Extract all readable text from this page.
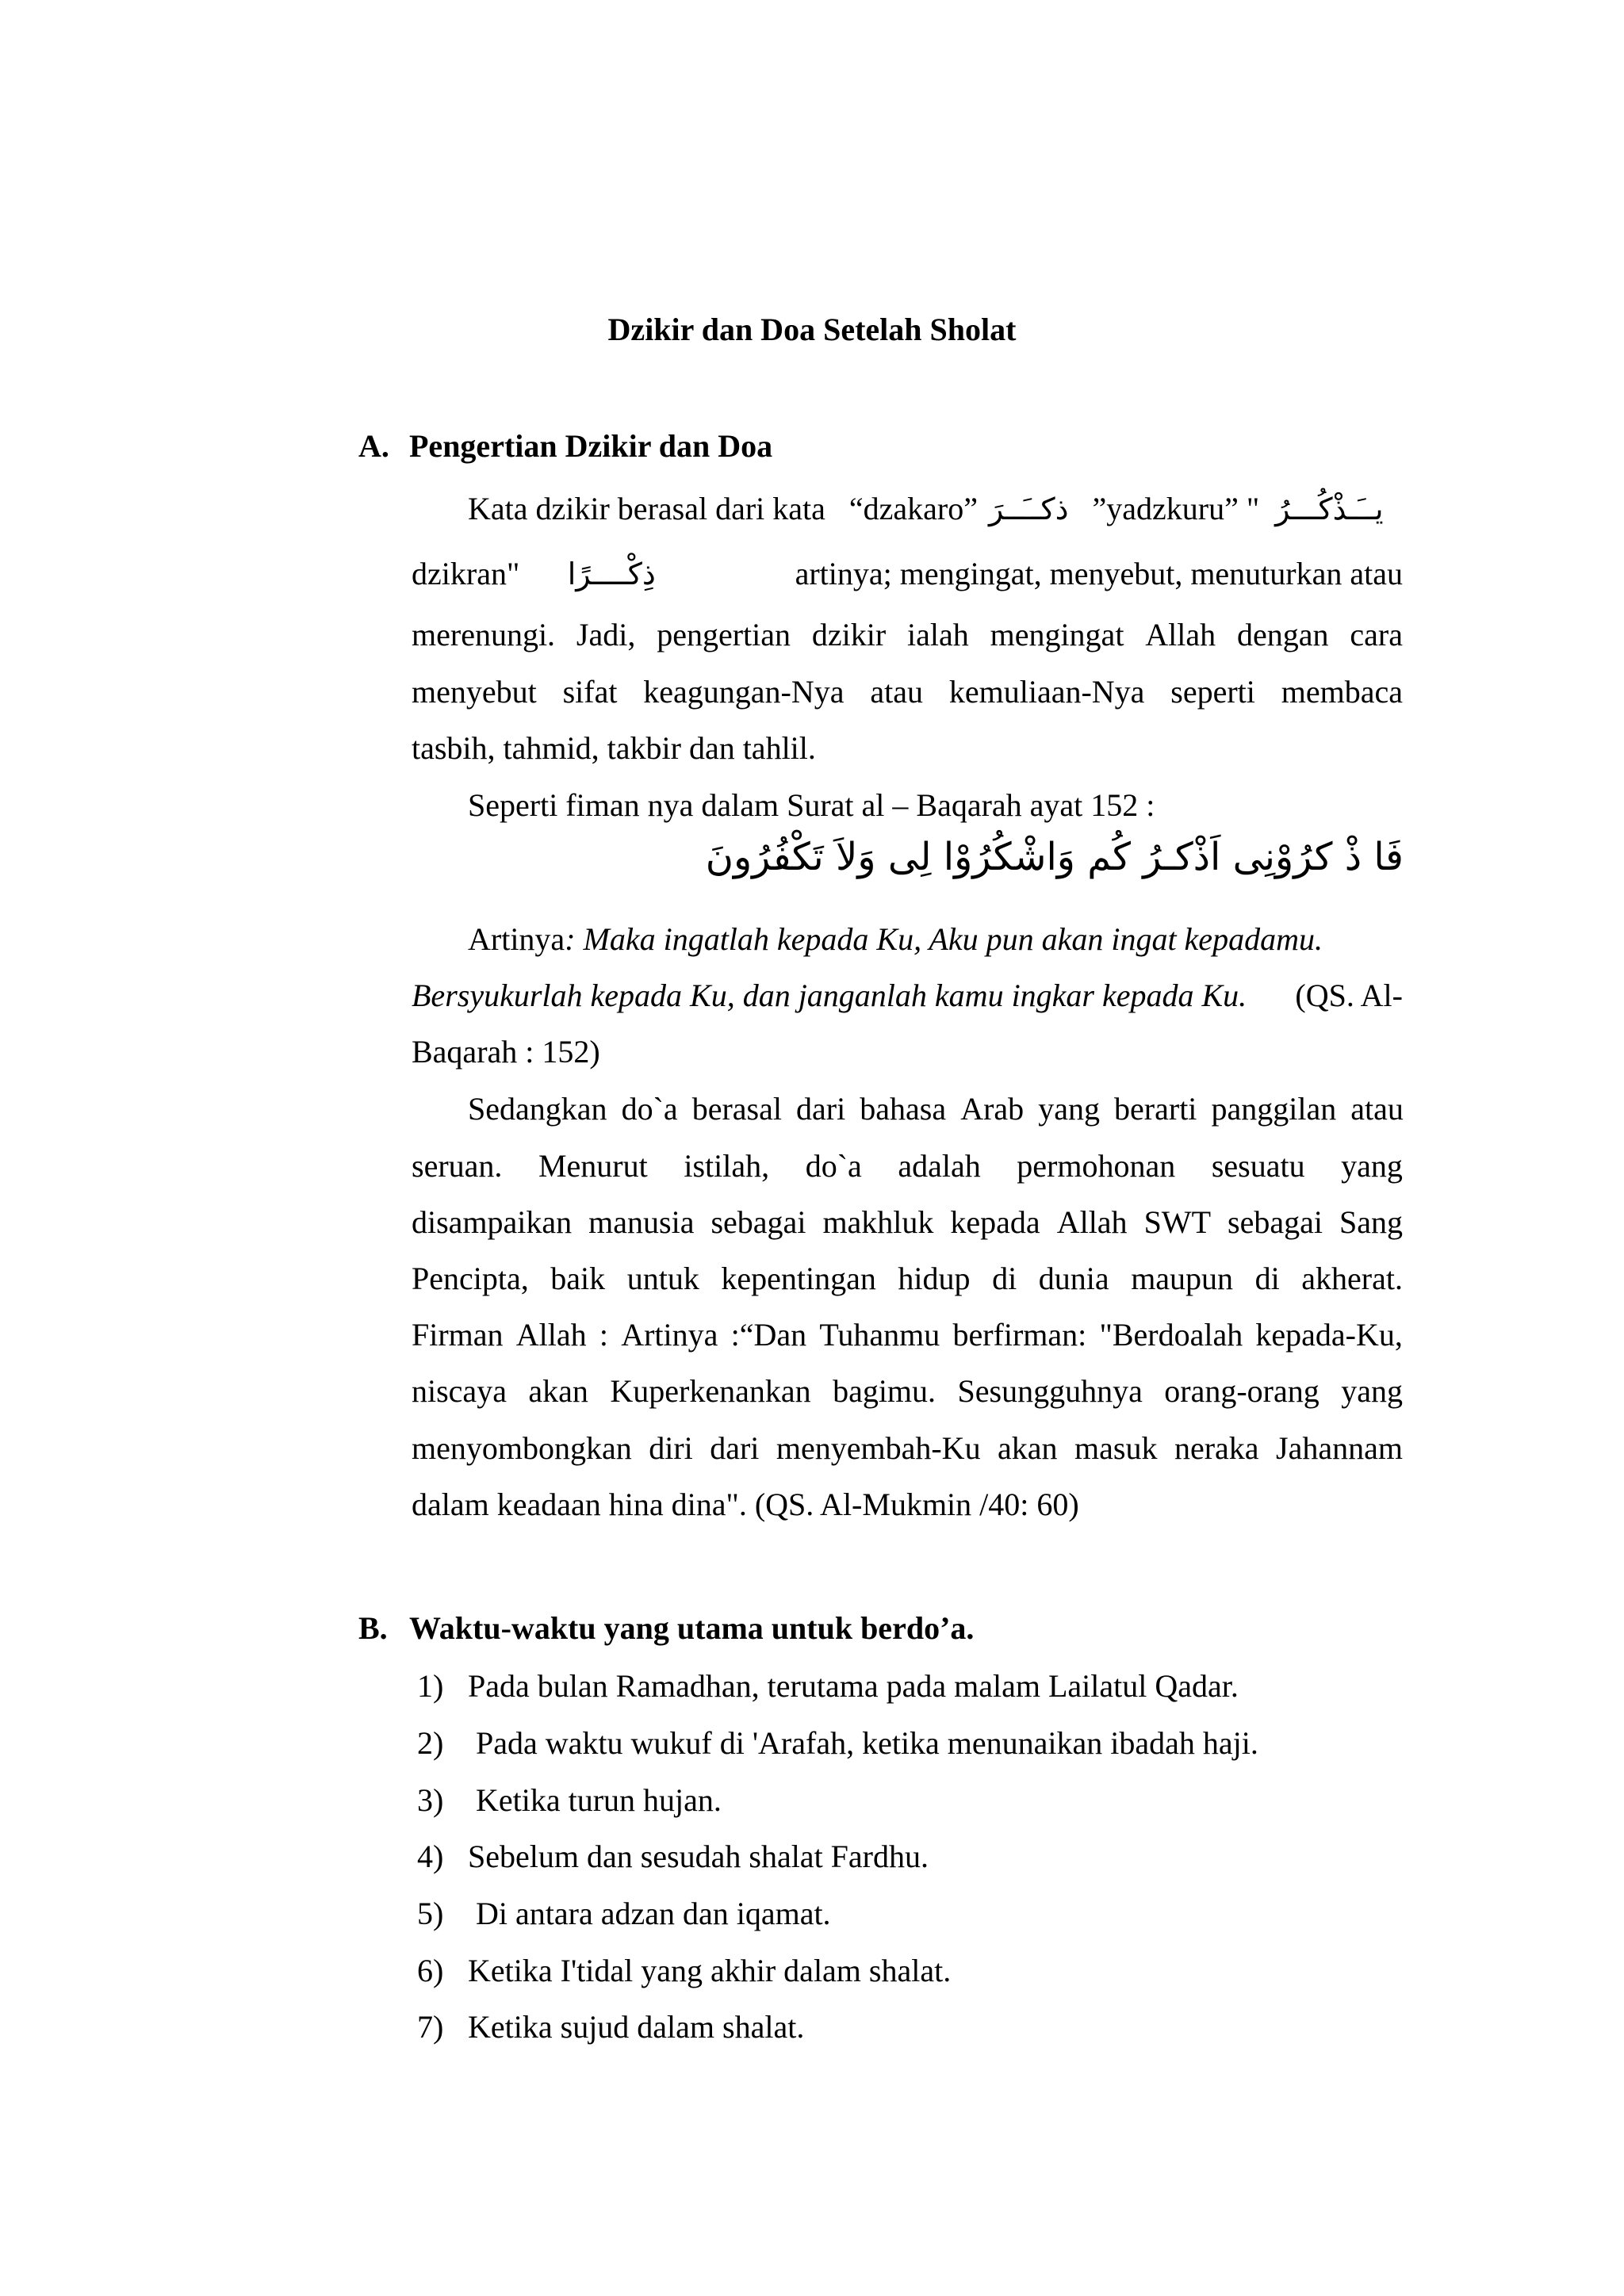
Dzikir dan Doa Setelah Sholat
A. Pengertian Dzikir dan Doa
Kata dzikir berasal dari kata “dzakaro” ذكــَــرَ ”yadzkuru” " يــَـذْكُـــرُ
dzikran"	ذِكْــــرًا	artinya; mengingat, menyebut, menuturkan atau
merenungi. Jadi, pengertian dzikir ialah mengingat Allah dengan cara
menyebut sifat keagungan-Nya atau kemuliaan-Nya seperti membaca
tasbih, tahmid, takbir dan tahlil.
Seperti fiman nya dalam Surat al – Baqarah ayat 152 :
فَا ذْ كرُوْنِى اَذْكـرُ كُم وَاشْكُرُوْا لِى وَلاَ تَكْفُرُونَ
Artinya: Maka ingatlah kepada Ku, Aku pun akan ingat kepadamu.
Bersyukurlah kepada Ku, dan janganlah kamu ingkar kepada Ku. (QS. Al-
Baqarah : 152)
Sedangkan do`a berasal dari bahasa Arab yang berarti panggilan atau
seruan. Menurut istilah, do`a adalah permohonan sesuatu yang
disampaikan manusia sebagai makhluk kepada Allah SWT sebagai Sang
Pencipta, baik untuk kepentingan hidup di dunia maupun di akherat.
Firman Allah : Artinya :“Dan Tuhanmu berfirman: "Berdoalah kepada-Ku,
niscaya akan Kuperkenankan bagimu. Sesungguhnya orang-orang yang
menyombongkan diri dari menyembah-Ku akan masuk neraka Jahannam
dalam keadaan hina dina". (QS. Al-Mukmin /40: 60)
B. Waktu-waktu yang utama untuk berdo’a.
1) Pada bulan Ramadhan, terutama pada malam Lailatul Qadar.
2) Pada waktu wukuf di 'Arafah, ketika menunaikan ibadah haji.
3) Ketika turun hujan.
4) Sebelum dan sesudah shalat Fardhu.
5) Di antara adzan dan iqamat.
6) Ketika I'tidal yang akhir dalam shalat.
7) Ketika sujud dalam shalat.
